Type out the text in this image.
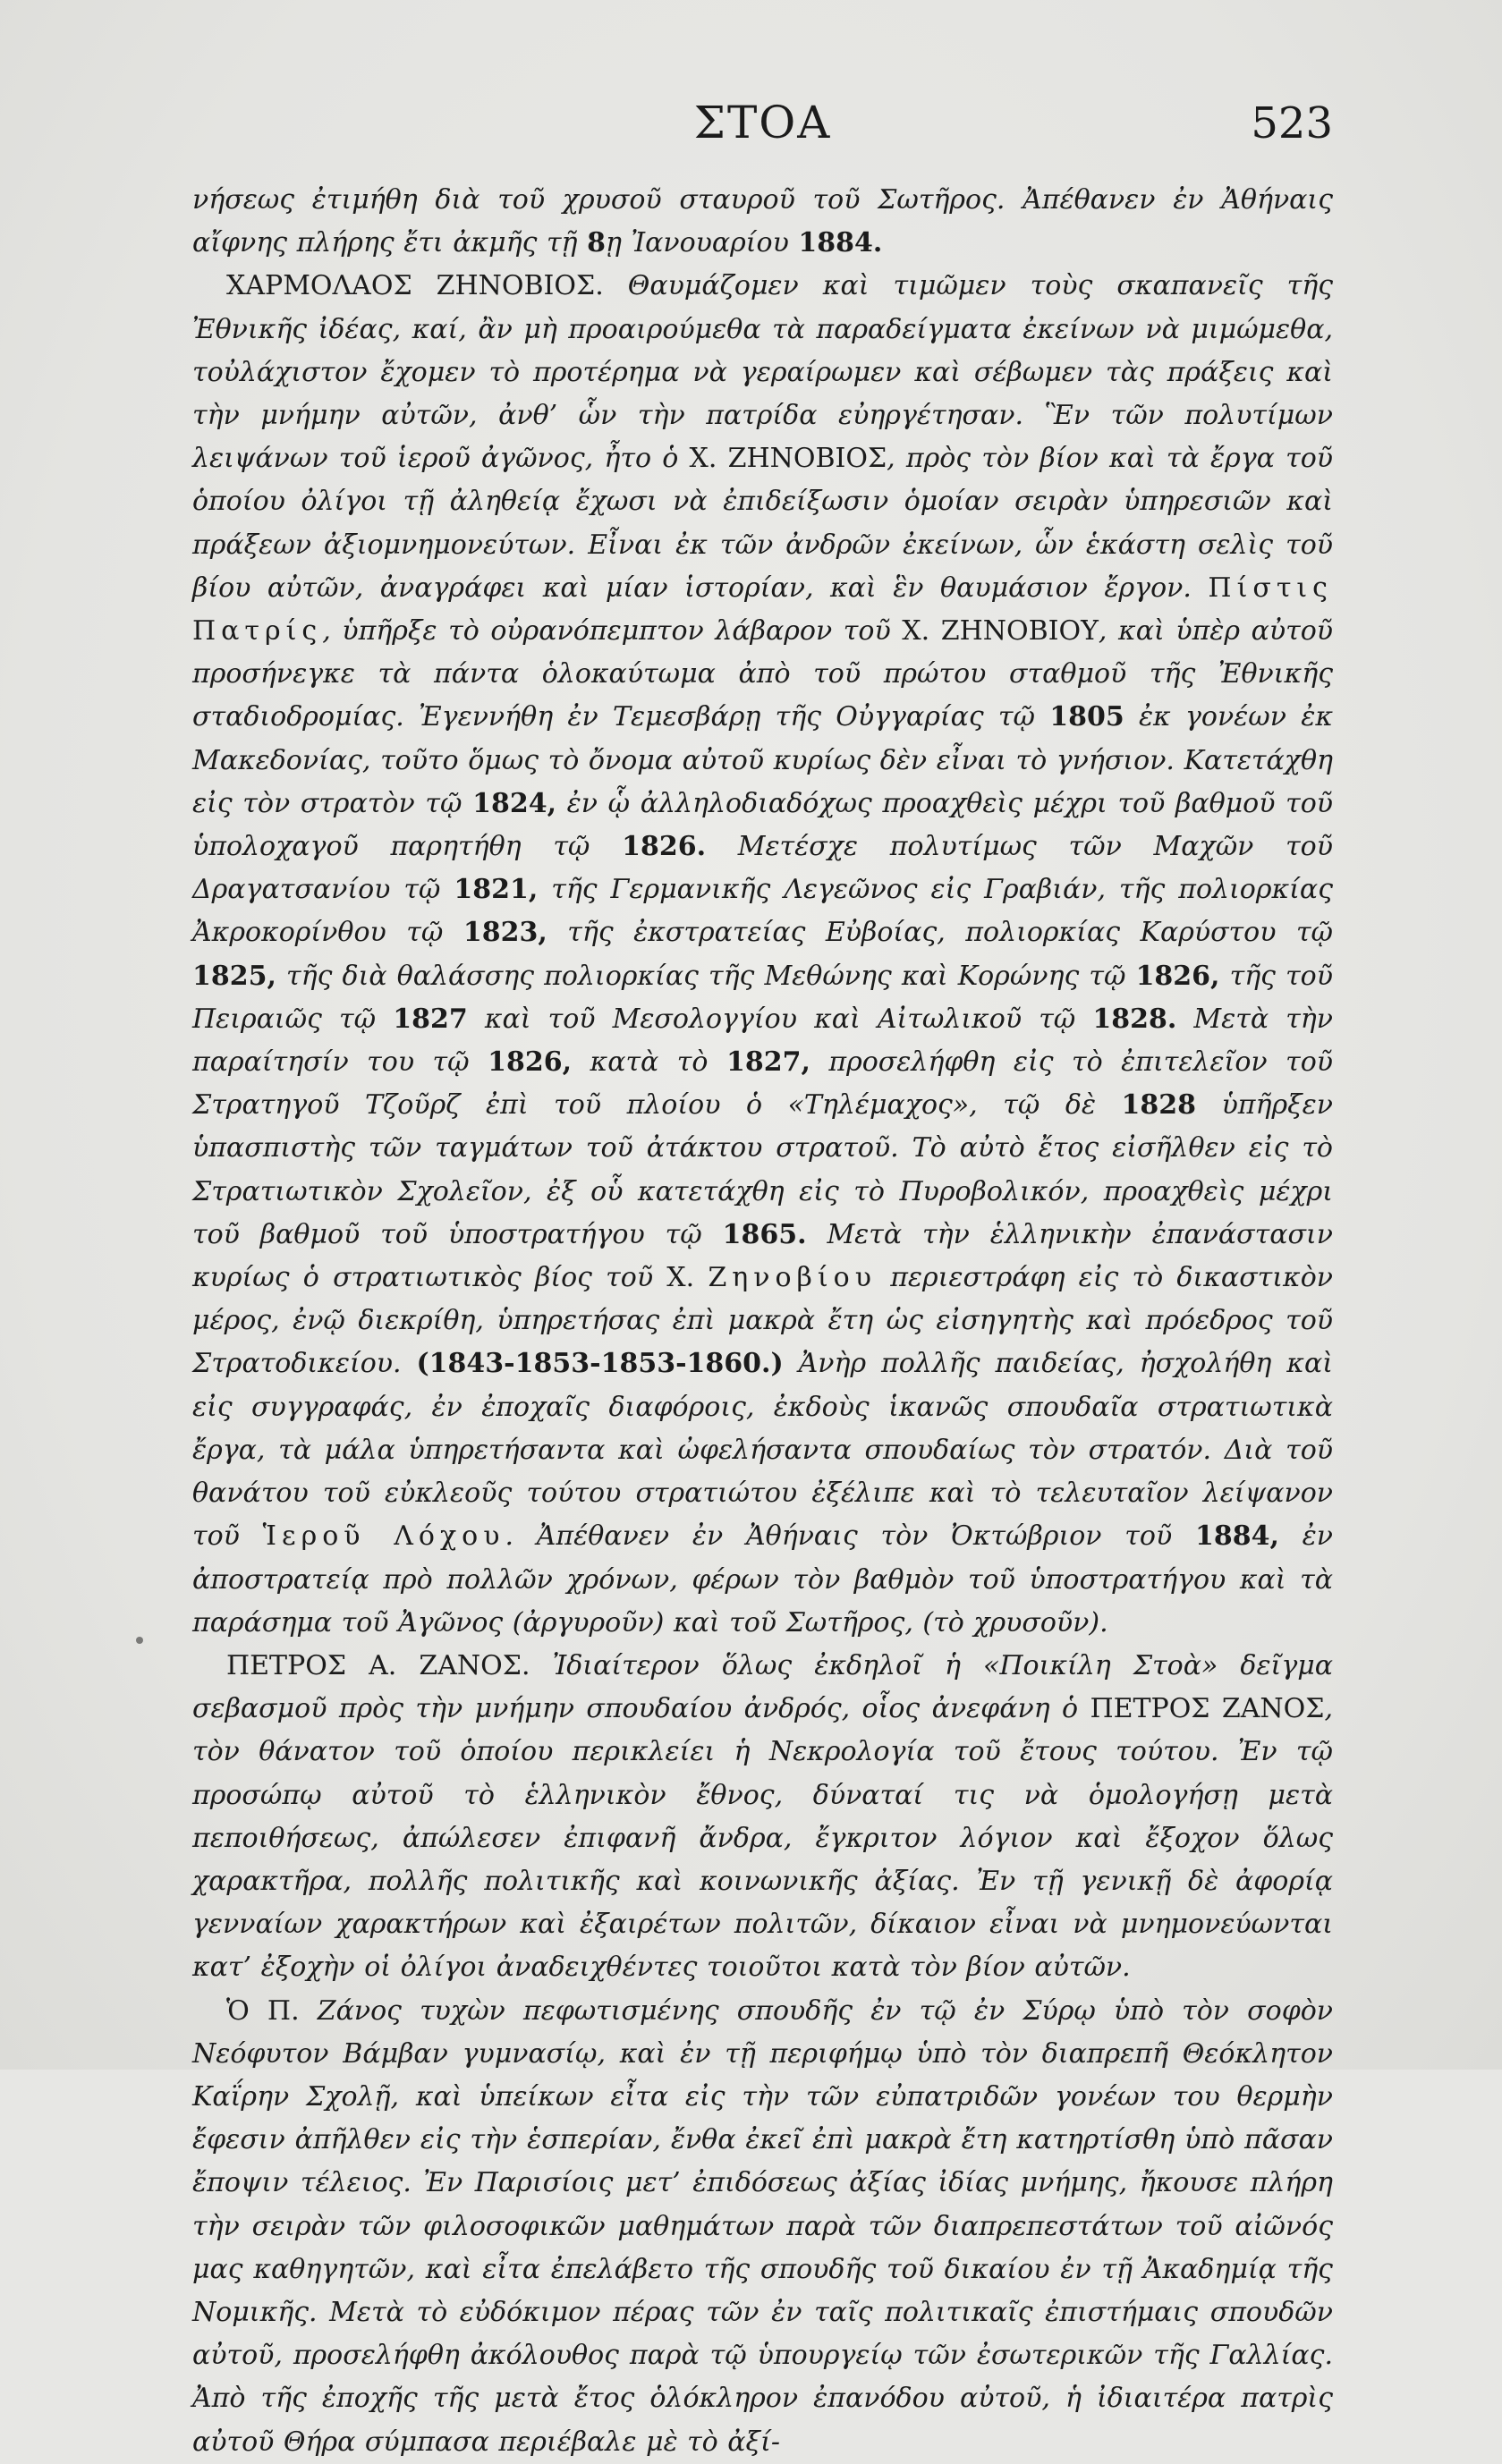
ΣΤΟΑ	523

νήσεως ἐτιμήθη διὰ τοῦ χρυσοῦ σταυροῦ τοῦ Σωτῆρος. Ἀπέθανεν ἐν Ἀθήναις αἴφνης πλήρης ἔτι ἀκμῆς τῇ 8ῃ Ἰανουαρίου 1884.

ΧΑΡΜΟΛΑΟΣ ΖΗΝΟΒΙΟΣ. Θαυμάζομεν καὶ τιμῶμεν τοὺς σκαπανεῖς τῆς Ἐθνικῆς ἰδέας, καί, ἂν μὴ προαιρούμεθα τὰ παραδείγματα ἐκείνων νὰ μιμώμεθα, τοὐλάχιστον ἔχομεν τὸ προτέρημα νὰ γεραίρωμεν καὶ σέβωμεν τὰς πράξεις καὶ τὴν μνήμην αὐτῶν, ἀνθ’ ὧν τὴν πατρίδα εὐηργέτησαν. Ἓν τῶν πολυτίμων λειψάνων τοῦ ἱεροῦ ἀγῶνος, ἦτο ὁ Χ. ΖΗΝΟΒΙΟΣ, πρὸς τὸν βίον καὶ τὰ ἔργα τοῦ ὁποίου ὀλίγοι τῇ ἀληθείᾳ ἔχωσι νὰ ἐπιδείξωσιν ὁμοίαν σειρὰν ὑπηρεσιῶν καὶ πράξεων ἀξιομνημονεύτων. Εἶναι ἐκ τῶν ἀνδρῶν ἐκείνων, ὧν ἑκάστη σελὶς τοῦ βίου αὐτῶν, ἀναγράφει καὶ μίαν ἱστορίαν, καὶ ἓν θαυμάσιον ἔργον. Πίστις Πατρίς, ὑπῆρξε τὸ οὐρανόπεμπτον λάβαρον τοῦ Χ. ΖΗΝΟΒΙΟΥ, καὶ ὑπὲρ αὐτοῦ προσήνεγκε τὰ πάντα ὁλοκαύτωμα ἀπὸ τοῦ πρώτου σταθμοῦ τῆς Ἐθνικῆς σταδιοδρομίας. Ἐγεννήθη ἐν Τεμεσβάρῃ τῆς Οὐγγαρίας τῷ 1805 ἐκ γονέων ἐκ Μακεδονίας, τοῦτο ὅμως τὸ ὄνομα αὐτοῦ κυρίως δὲν εἶναι τὸ γνήσιον. Κατετάχθη εἰς τὸν στρατὸν τῷ 1824, ἐν ᾧ ἀλληλοδιαδόχως προαχθεὶς μέχρι τοῦ βαθμοῦ τοῦ ὑπολοχαγοῦ παρητήθη τῷ 1826. Μετέσχε πολυτίμως τῶν Μαχῶν τοῦ Δραγατσανίου τῷ 1821, τῆς Γερμανικῆς Λεγεῶνος εἰς Γραβιάν, τῆς πολιορκίας Ἀκροκορίνθου τῷ 1823, τῆς ἐκστρατείας Εὐβοίας, πολιορκίας Καρύστου τῷ 1825, τῆς διὰ θαλάσσης πολιορκίας τῆς Μεθώνης καὶ Κορώνης τῷ 1826, τῆς τοῦ Πειραιῶς τῷ 1827 καὶ τοῦ Μεσολογγίου καὶ Αἰτωλικοῦ τῷ 1828. Μετὰ τὴν παραίτησίν του τῷ 1826, κατὰ τὸ 1827, προσελήφθη εἰς τὸ ἐπιτελεῖον τοῦ Στρατηγοῦ Τζοῦρζ ἐπὶ τοῦ πλοίου ὁ «Τηλέμαχος», τῷ δὲ 1828 ὑπῆρξεν ὑπασπιστὴς τῶν ταγμάτων τοῦ ἀτάκτου στρατοῦ. Τὸ αὐτὸ ἔτος εἰσῆλθεν εἰς τὸ Στρατιωτικὸν Σχολεῖον, ἐξ οὗ κατετάχθη εἰς τὸ Πυροβολικόν, προαχθεὶς μέχρι τοῦ βαθμοῦ τοῦ ὑποστρατήγου τῷ 1865. Μετὰ τὴν ἑλληνικὴν ἐπανάστασιν κυρίως ὁ στρατιωτικὸς βίος τοῦ Χ. Ζηνοβίου περιεστράφη εἰς τὸ δικαστικὸν μέρος, ἐνῷ διεκρίθη, ὑπηρετήσας ἐπὶ μακρὰ ἔτη ὡς εἰσηγητὴς καὶ πρόεδρος τοῦ Στρατοδικείου. (1843-1853-1853-1860.) Ἀνὴρ πολλῆς παιδείας, ἠσχολήθη καὶ εἰς συγγραφάς, ἐν ἐποχαῖς διαφόροις, ἐκδοὺς ἱκανῶς σπουδαῖα στρατιωτικὰ ἔργα, τὰ μάλα ὑπηρετήσαντα καὶ ὠφελήσαντα σπουδαίως τὸν στρατόν. Διὰ τοῦ θανάτου τοῦ εὐκλεοῦς τούτου στρατιώτου ἐξέλιπε καὶ τὸ τελευταῖον λείψανον τοῦ Ἱεροῦ Λόχου. Ἀπέθανεν ἐν Ἀθήναις τὸν Ὀκτώβριον τοῦ 1884, ἐν ἀποστρατείᾳ πρὸ πολλῶν χρόνων, φέρων τὸν βαθμὸν τοῦ ὑποστρατήγου καὶ τὰ παράσημα τοῦ Ἀγῶνος (ἀργυροῦν) καὶ τοῦ Σωτῆρος, (τὸ χρυσοῦν).

ΠΕΤΡΟΣ Α. ΖΑΝΟΣ. Ἰδιαίτερον ὅλως ἐκδηλοῖ ἡ «Ποικίλη Στοὰ» δεῖγμα σεβασμοῦ πρὸς τὴν μνήμην σπουδαίου ἀνδρός, οἷος ἀνεφάνη ὁ ΠΕΤΡΟΣ ΖΑΝΟΣ, τὸν θάνατον τοῦ ὁποίου περικλείει ἡ Νεκρολογία τοῦ ἔτους τούτου. Ἐν τῷ προσώπῳ αὐτοῦ τὸ ἑλληνικὸν ἔθνος, δύναταί τις νὰ ὁμολογήσῃ μετὰ πεποιθήσεως, ἀπώλεσεν ἐπιφανῆ ἄνδρα, ἔγκριτον λόγιον καὶ ἔξοχον ὅλως χαρακτῆρα, πολλῆς πολιτικῆς καὶ κοινωνικῆς ἀξίας. Ἐν τῇ γενικῇ δὲ ἀφορίᾳ γενναίων χαρακτήρων καὶ ἐξαιρέτων πολιτῶν, δίκαιον εἶναι νὰ μνημονεύωνται κατ’ ἐξοχὴν οἱ ὀλίγοι ἀναδειχθέντες τοιοῦτοι κατὰ τὸν βίον αὐτῶν.

Ὁ Π. Ζάνος τυχὼν πεφωτισμένης σπουδῆς ἐν τῷ ἐν Σύρῳ ὑπὸ τὸν σοφὸν Νεόφυτον Βάμβαν γυμνασίῳ, καὶ ἐν τῇ περιφήμῳ ὑπὸ τὸν διαπρεπῆ Θεόκλητον Καΐρην Σχολῇ, καὶ ὑπείκων εἶτα εἰς τὴν τῶν εὐπατριδῶν γονέων του θερμὴν ἔφεσιν ἀπῆλθεν εἰς τὴν ἑσπερίαν, ἔνθα ἐκεῖ ἐπὶ μακρὰ ἔτη κατηρτίσθη ὑπὸ πᾶσαν ἔποψιν τέλειος. Ἐν Παρισίοις μετ’ ἐπιδόσεως ἀξίας ἰδίας μνήμης, ἤκουσε πλήρη τὴν σειρὰν τῶν φιλοσοφικῶν μαθημάτων παρὰ τῶν διαπρεπεστάτων τοῦ αἰῶνός μας καθηγητῶν, καὶ εἶτα ἐπελάβετο τῆς σπουδῆς τοῦ δικαίου ἐν τῇ Ἀκαδημίᾳ τῆς Νομικῆς. Μετὰ τὸ εὐδόκιμον πέρας τῶν ἐν ταῖς πολιτικαῖς ἐπιστήμαις σπουδῶν αὐτοῦ, προσελήφθη ἀκόλουθος παρὰ τῷ ὑπουργείῳ τῶν ἐσωτερικῶν τῆς Γαλλίας. Ἀπὸ τῆς ἐποχῆς τῆς μετὰ ἔτος ὁλόκληρον ἐπανόδου αὐτοῦ, ἡ ἰδιαιτέρα πατρὶς αὐτοῦ Θήρα σύμπασα περιέβαλε μὲ τὸ ἀξί-
